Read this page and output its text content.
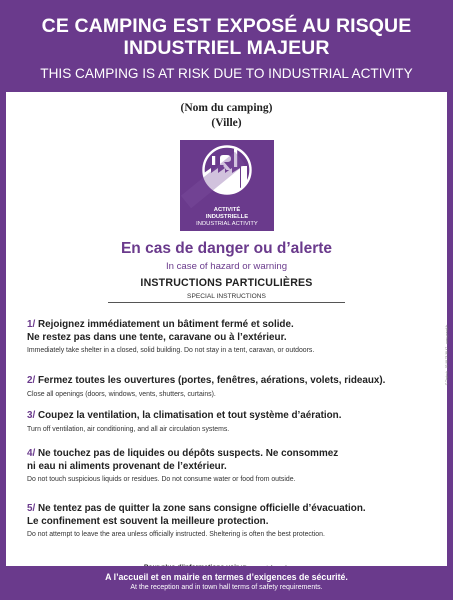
CE CAMPING EST EXPOSÉ AU RISQUE
INDUSTRIEL MAJEUR
THIS CAMPING IS AT RISK DUE TO INDUSTRIAL ACTIVITY
(Nom du camping)
(Ville)
ACTIVITÉ
INDUSTRIELLE
INDUSTRIAL ACTIVITY
En cas de danger ou d’alerte
In case of hazard or warning
INSTRUCTIONS PARTICULIÈRES
SPECIAL INSTRUCTIONS
1/ Rejoignez immédiatement un bâtiment fermé et solide.
Ne restez pas dans une tente, caravane ou à l’extérieur.
Immediately take shelter in a closed, solid building. Do not stay in a tent, caravan, or outdoors.
2/ Fermez toutes les ouvertures (portes, fenêtres, aérations, volets, rideaux).
Close all openings (doors, windows, vents, shutters, curtains).
3/ Coupez la ventilation, la climatisation et tout système d’aération.
Turn off ventilation, air conditioning, and all air circulation systems.
4/ Ne touchez pas de liquides ou dépôts suspects. Ne consommez
ni eau ni aliments provenant de l’extérieur.
Do not touch suspicious liquids or residues. Do not consume water or food from outside.
5/ Ne tentez pas de quitter la zone sans consigne officielle d’évacuation.
Le confinement est souvent la meilleure protection.
Do not attempt to leave the area unless officially instructed. Sheltering is often the best protection.
© Tindeck - 02 98 73 38 47 - www.prevdi.fr
A l’accueil et en mairie en termes d’exigences de sécurité.
At the reception and in town hall terms of safety requirements.
